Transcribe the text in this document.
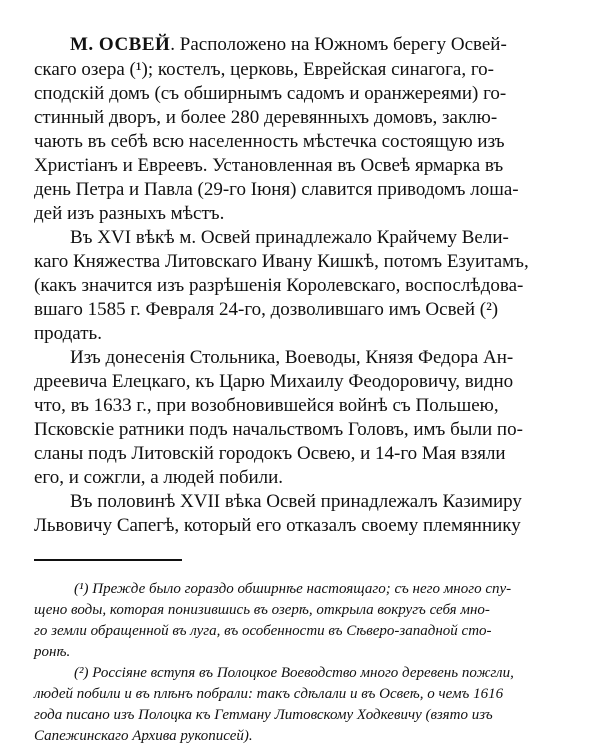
М. ОСВЕЙ. Расположено на Южномъ берегу Освей-
скаго озера (¹); костелъ, церковь, Еврейская синагога, го-
сподскій домъ (съ обширнымъ садомъ и оранжереями) го-
стинный дворъ, и более 280 деревянныхъ домовъ, заклю-
чають въ себѣ всю населенность мѣстечка состоящую изъ
Христіанъ и Евреевъ. Установленная въ Освеѣ ярмарка въ
день Петра и Павла (29-го Іюня) славится приводомъ лошa-
дей изъ разныхъ мѣстъ.
Въ XVI вѣкѣ м. Освей принадлежало Крайчему Вели-
каго Княжества Литовскаго Ивану Кишкѣ, потомъ Езуитамъ,
(какъ значится изъ разрѣшенія Королевскаго, воспослѣдова-
вшаго 1585 г. Февраля 24-го, дозволившаго имъ Освей (²)
продать.
Изъ донесенія Стольника, Воеводы, Князя Федора Ан-
дреевича Елецкаго, къ Царю Михаилу Феодоровичу, видно
что, въ 1633 г., при возобновившейся войнѣ съ Польшею,
Псковскіе ратники подъ начальствомъ Головъ, имъ были по-
сланы подъ Литовскій городокъ Освею, и 14-го Мая взяли
его, и сожгли, а людей побили.
Въ половинѣ XVII вѣка Освей принадлежалъ Казимиру
Львовичу Сапегѣ, который его отказалъ своему племяннику
(¹) Прежде было гораздо обширнѣе настоящаго; съ него много спу-
щено воды, которая понизившись въ озерѣ, открыла вокругъ себя мно-
го земли обращенной въ луга, въ особенности въ Сѣверо-западной сто-
ронѣ.
(²) Россіяне вступя въ Полоцкое Воеводство много деревень пожгли,
людей побили и въ плѣнъ побрали: такъ сдѣлали и въ Освеѣ, о чемъ 1616
года писано изъ Полоцка къ Гетману Литовскому Ходкевичу (взято изъ
Сапежинскаго Архива рукописей).
